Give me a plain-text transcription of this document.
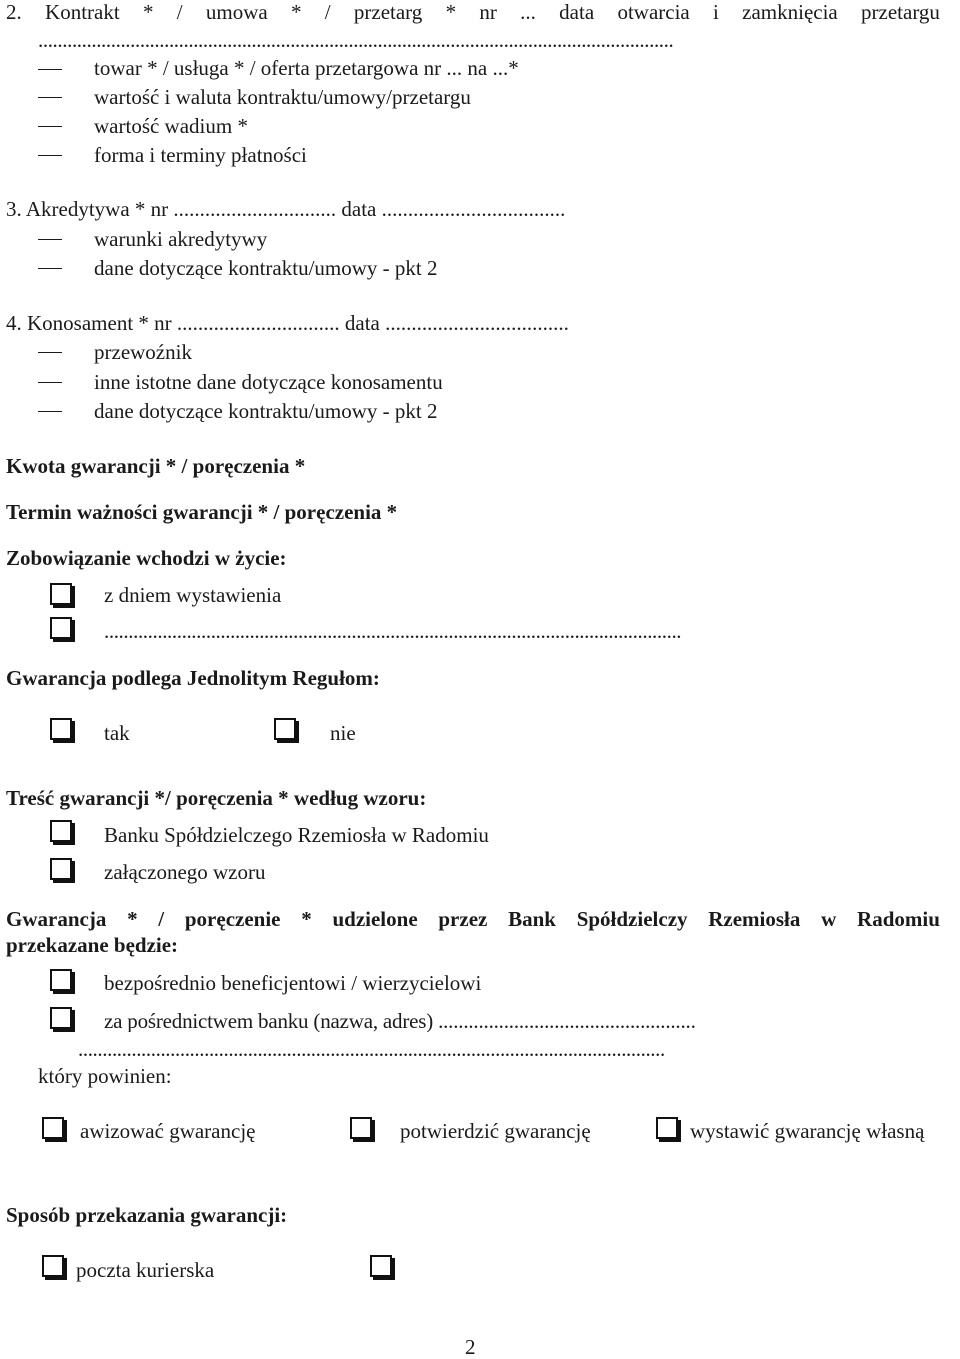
2. Kontrakt * / umowa * / przetarg * nr ... data otwarcia i zamknięcia przetargu
...................................................................................................................................
towar * / usługa * / oferta przetargowa nr ... na ...*
wartość i waluta kontraktu/umowy/przetargu
wartość wadium *
forma i terminy płatności
3. Akredytywa * nr ............................... data ...................................
warunki akredytywy
dane dotyczące kontraktu/umowy - pkt 2
4. Konosament * nr ............................... data ...................................
przewoźnik
inne istotne dane dotyczące konosamentu
dane dotyczące kontraktu/umowy - pkt 2
Kwota gwarancji * / poręczenia *
Termin ważności gwarancji * / poręczenia *
Zobowiązanie wchodzi w życie:
z dniem wystawienia
.......................................................................................................................
Gwarancja podlega Jednolitym Regułom:
tak	nie
Treść gwarancji */ poręczenia * według wzoru:
Banku Spółdzielczego Rzemiosła w Radomiu
załączonego wzoru
Gwarancja * / poręczenie * udzielone przez Bank Spółdzielczy Rzemiosła w Radomiu
przekazane będzie:
bezpośrednio beneficjentowi / wierzycielowi
za pośrednictwem banku (nazwa, adres) ...................................................
.........................................................................................................................
który powinien:
awizować gwarancję	potwierdzić gwarancję	wystawić gwarancję własną
Sposób przekazania gwarancji:
poczta kurierska
2
